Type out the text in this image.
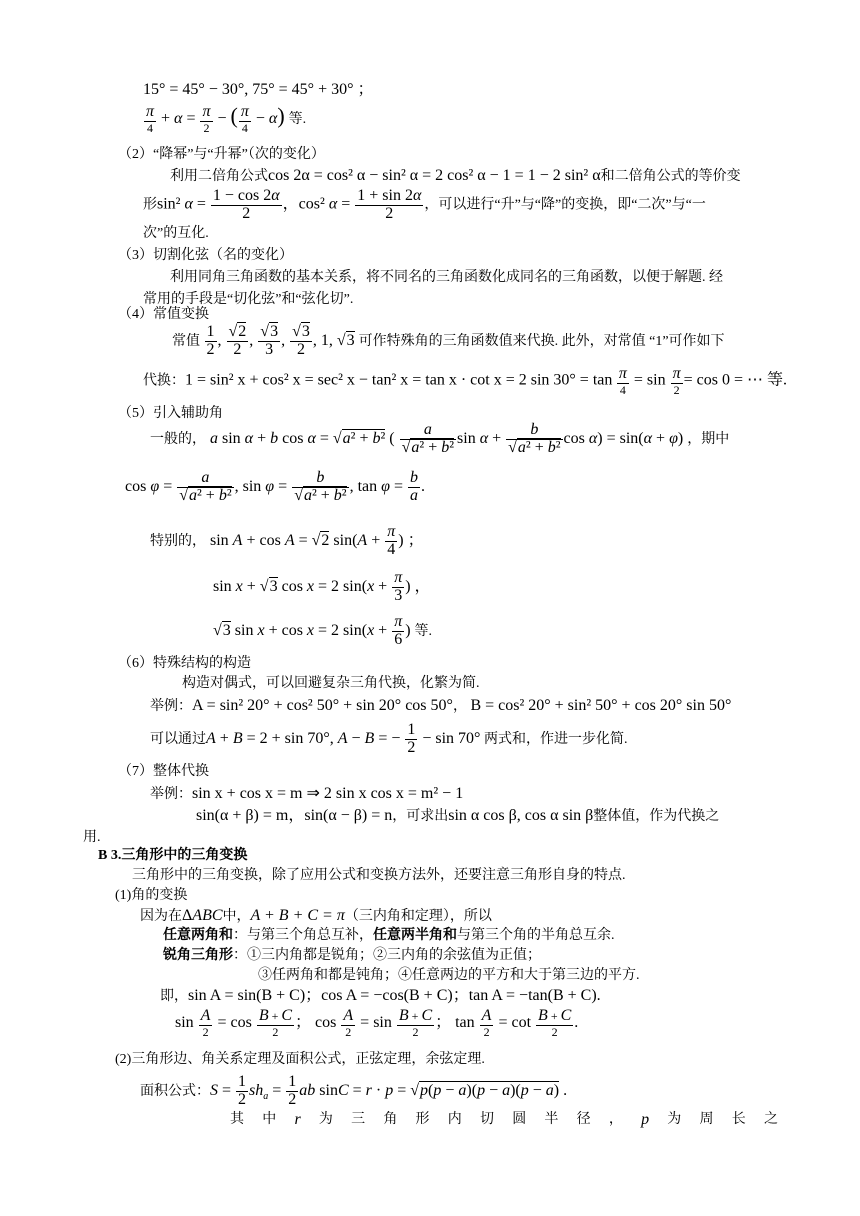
15° = 45° − 30°, 75° = 45° + 30° ；
$\frac{\pi}{4} + \alpha = \frac{\pi}{2}$ − ( $\frac{\pi}{4} - \alpha$) 等.
（2）“降幂”与“升幂”（次的变化）
利用二倍角公式cos 2α = cos² α − sin² α = 2 cos² α − 1 = 1 − 2 sin² α和二倍角公式的等价变
形sin² $\alpha = \frac{1 - \cos 2\alpha}{2}$ ，cos² $\alpha = \frac{1 + \sin 2\alpha}{2}$ ，可以进行“升”与“降”的变换，即“二次”与“一
次”的互化.
（3）切割化弦（名的变化）
利用同角三角函数的基本关系，将不同名的三角函数化成同名的三角函数，以便于解题. 经
常用的手段是“切化弦”和“弦化切”.
（4）常值变换
常值 $\frac{1}{2}$ , $\frac{√2}{2}$ , $\frac{√3}{3}$ , $\frac{√3}{2}$ , 1, √3 可作特殊角的三角函数值来代换. 此外，对常值 “1”可作如下
代换：1 = sin² x + cos² x = sec² x − tan² x = tan x · cot x = 2 $\sin 30^\circ = \tan \frac{\pi}{4} = \sin \frac{\pi}{2} = \cos 0$ = ⋯ 等.
（5）引入辅助角
一般的， a sin α + b cos α = √a² + b² ( $\frac{a}{\text{√a² + b²}}$ $\sin \alpha + \frac{b}{\text{√a² + b²}}$ cos α) = sin(α + φ) ，期中
$\cos \varphi = \frac{a}{\text{√a² + b²}}$ , $\sin \varphi = \frac{b}{\text{√a² + b²}}$ , $\tan \varphi = \frac{b}{a}$ .
特别的， sin A + cos A = √2 $\sin(A + \frac{\pi}{4}$ ) ；
sin x + √3 cos x = 2 $\sin(x + \frac{\pi}{3}$ ) ，
√3 sin x + cos x = 2 $\sin(x + \frac{\pi}{6}$ ) 等.
（6）特殊结构的构造
构造对偶式，可以回避复杂三角代换，化繁为简.
举例：A = sin² 20° + cos² 50° + sin 20° cos 50°， B = cos² 20° + sin² 50° + cos 20° sin 50°
可以通过A + B = 2 + sin 70°, A − B = − $\frac{1}{2} - \sin 70^\circ$ 两式和，作进一步化简.
（7）整体代换
举例：sin x + cos x = m ⇒ 2 sin x cos x = m² − 1
sin(α + β) = m，sin(α − β) = n，可求出sin α cos β, cos α sin β整体值，作为代换之
用.
B 3.三角形中的三角变换
三角形中的三角变换，除了应用公式和变换方法外，还要注意三角形自身的特点.
(1)角的变换
因为在ΔABC中，A + B + C = π（三内角和定理），所以
任意两角和：与第三个角总互补，任意两半角和与第三个角的半角总互余.
锐角三角形：①三内角都是锐角；②三内角的余弦值为正值；
③任两角和都是钝角；④任意两边的平方和大于第三边的平方.
即，sin A = sin(B + C)；cos A = −cos(B + C)；tan A = −tan(B + C).
$\sin \frac{A}{2} = \cos \frac{B + C}{2}$ ； $\cos \frac{A}{2} = \sin \frac{B + C}{2}$ ； $\tan \frac{A}{2} = \cot \frac{B + C}{2}$ .
(2)三角形边、角关系定理及面积公式，正弦定理，余弦定理.
面积公式：$S = \frac{1}{2} sh_a = \frac{1}{2}$ ab sinC = r · p = √p(p − a)(p − a)(p − a) .
其 中 r 为 三 角 形 内 切 圆 半 径 ， p 为 周 长 之
